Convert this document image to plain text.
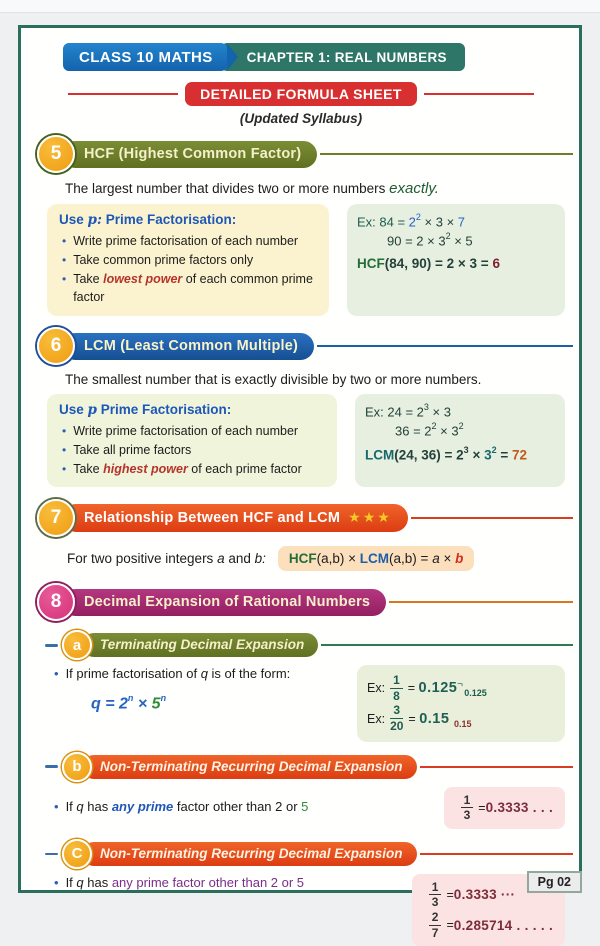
CLASS 10 MATHS	CHAPTER 1: REAL NUMBERS
DETAILED FORMULA SHEET
(Updated Syllabus)
5	HCF (Highest Common Factor)
The largest number that divides two or more numbers exactly.
Use p: Prime Factorisation:
• Write prime factorisation of each number
• Take common prime factors only
• Take lowest power of each common prime factor
Ex: $84 = 2^2 \times 3 \times 7$
$90 = 2 \times 3^2 \times 5$
HCF(84, 90) = 2 × 3 = 6
6	LCM (Least Common Multiple)
The smallest number that is exactly divisible by two or more numbers.
Use p Prime Factorisation:
• Write prime factorisation of each number
• Take all prime factors
• Take highest power of each prime factor
Ex: $24 = 2^3 \times 3$
$36 = 2^2 \times 3^2$
LCM(24, $36) = 2^3 \times 3^2 = 72$
7	Relationship Between HCF and LCM ★★★
For two positive integers a and b:	HCF(a,b) × LCM(a,b) = a × b
8	Decimal Expansion of Rational Numbers
a	Terminating Decimal Expansion
• If prime factorisation of q is of the form:
$q = 2^n \times 5^n$
Ex: $\frac{1}{8}$ =
0.125 ⌐
0.125
Ex: $\frac{3}{20}$ =
0.15
0.15
b	Non-Terminating Recurring Decimal Expansion
• If q has any prime factor other than 2 or 5	$\frac{1}{3} = 0.3333$ . . .
C	Non-Terminating Recurring Decimal Expansion
• If q has any prime factor other than 2 or 5	$\frac{1}{3} = 0.3333$ ···
$\frac{2}{7} = 0.285714$ . . . . .
Pg 02
